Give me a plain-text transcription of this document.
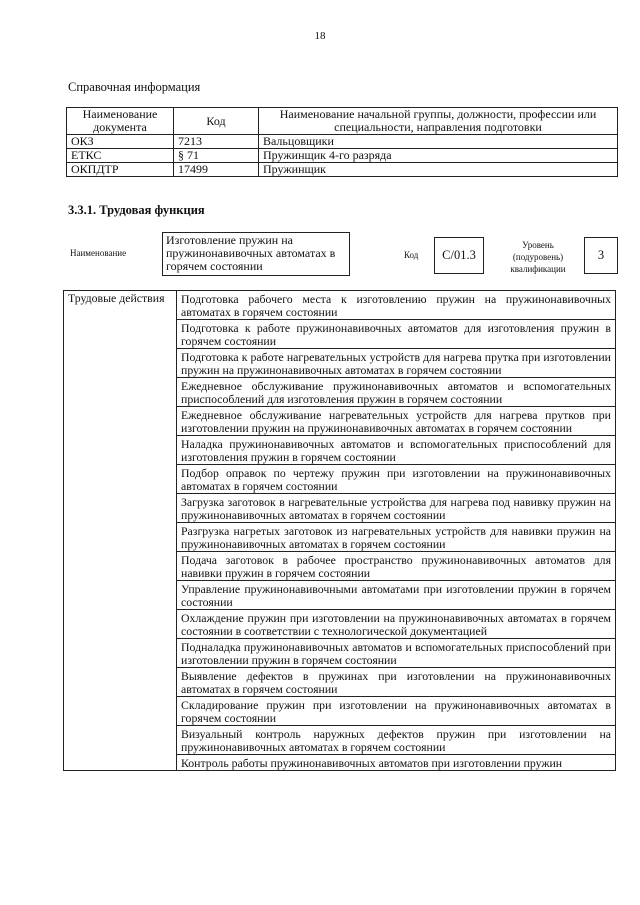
18
Справочная информация
Наименование документа	Код	Наименование начальной группы, должности, профессии или специальности, направления подготовки
ОКЗ	7213	Вальцовщики
ЕТКС	§ 71	Пружинщик 4-го разряда
ОКПДТР	17499	Пружинщик
3.3.1. Трудовая функция
Наименование
Изготовление пружин на пружинонавивочных автоматах в горячем состоянии
Код	C/01.3
Уровень (подуровень) квалификации
3
Трудовые действия	Подготовка рабочего места к изготовлению пружин на пружинонавивочных автоматах в горячем состоянии
Подготовка к работе пружинонавивочных автоматов для изготовления пружин в горячем состоянии
Подготовка к работе нагревательных устройств для нагрева прутка при изготовлении пружин на пружинонавивочных автоматах в горячем состоянии
Ежедневное обслуживание пружинонавивочных автоматов и вспомогательных приспособлений для изготовления пружин в горячем состоянии
Ежедневное обслуживание нагревательных устройств для нагрева прутков при изготовлении пружин на пружинонавивочных автоматах в горячем состоянии
Наладка пружинонавивочных автоматов и вспомогательных приспособлений для изготовления пружин в горячем состоянии
Подбор оправок по чертежу пружин при изготовлении на пружинонавивочных автоматах в горячем состоянии
Загрузка заготовок в нагревательные устройства для нагрева под навивку пружин на пружинонавивочных автоматах в горячем состоянии
Разгрузка нагретых заготовок из нагревательных устройств для навивки пружин на пружинонавивочных автоматах в горячем состоянии
Подача заготовок в рабочее пространство пружинонавивочных автоматов для навивки пружин в горячем состоянии
Управление пружинонавивочными автоматами при изготовлении пружин в горячем состоянии
Охлаждение пружин при изготовлении на пружинонавивочных автоматах в горячем состоянии в соответствии с технологической документацией
Подналадка пружинонавивочных автоматов и вспомогательных приспособлений при изготовлении пружин в горячем состоянии
Выявление дефектов в пружинах при изготовлении на пружинонавивочных автоматах в горячем состоянии
Складирование пружин при изготовлении на пружинонавивочных автоматах в горячем состоянии
Визуальный контроль наружных дефектов пружин при изготовлении на пружинонавивочных автоматах в горячем состоянии
Контроль работы пружинонавивочных автоматов при изготовлении пружин
